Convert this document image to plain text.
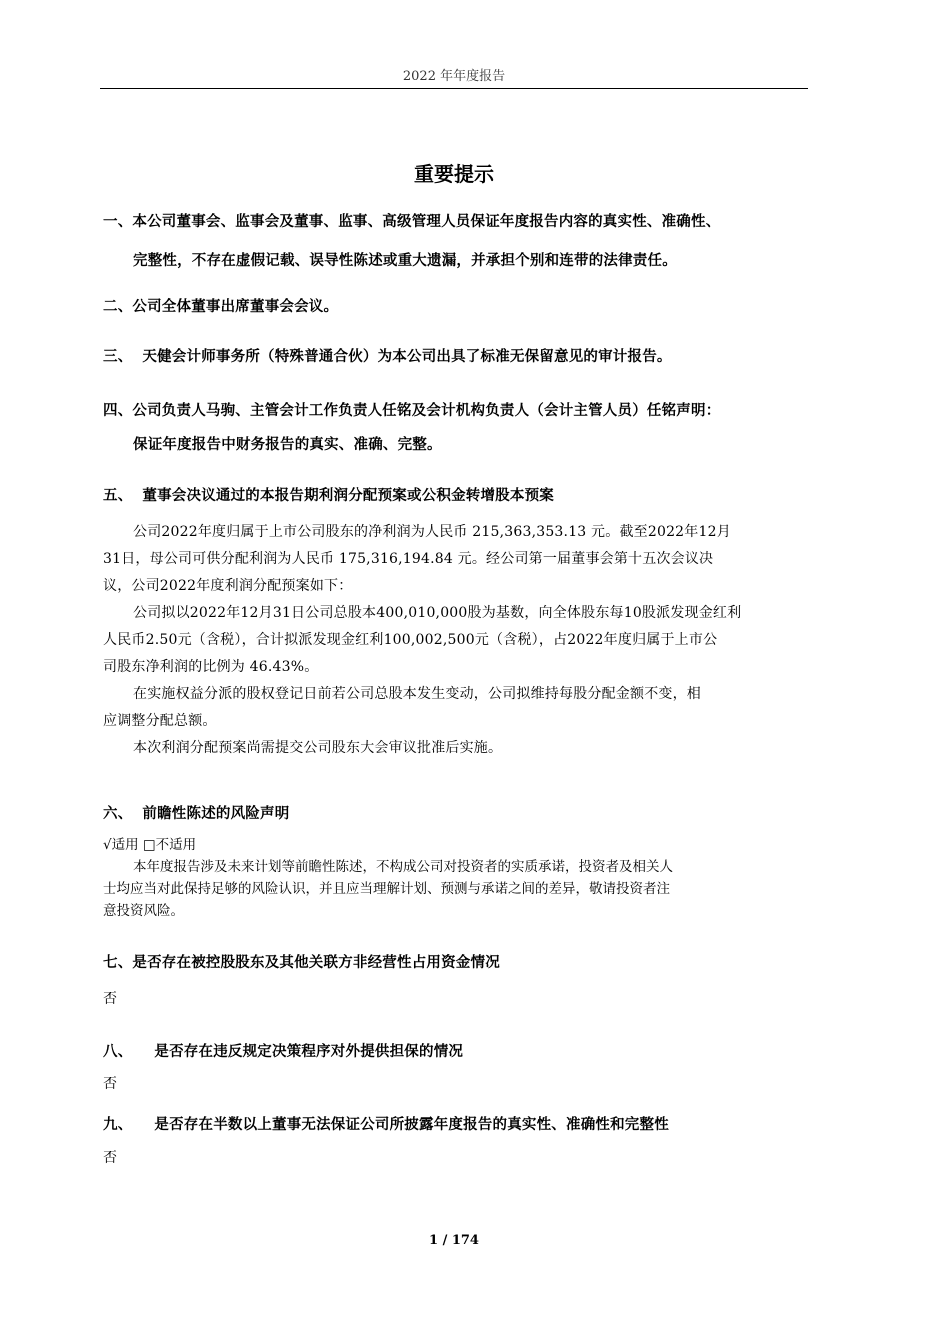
2022 年年度报告
重要提示
一、本公司董事会、监事会及董事、监事、高级管理人员保证年度报告内容的真实性、准确性、
完整性，不存在虚假记载、误导性陈述或重大遗漏，并承担个别和连带的法律责任。
二、公司全体董事出席董事会会议。
三、 天健会计师事务所（特殊普通合伙）为本公司出具了标准无保留意见的审计报告。
四、公司负责人马驹、主管会计工作负责人任铭及会计机构负责人（会计主管人员）任铭声明：
保证年度报告中财务报告的真实、准确、完整。
五、 董事会决议通过的本报告期利润分配预案或公积金转增股本预案
公司2022年度归属于上市公司股东的净利润为人民币 215,363,353.13 元。截至2022年12月
31日，母公司可供分配利润为人民币 175,316,194.84 元。经公司第一届董事会第十五次会议决
议，公司2022年度利润分配预案如下：
公司拟以2022年12月31日公司总股本400,010,000股为基数，向全体股东每10股派发现金红利
人民币2.50元（含税），合计拟派发现金红利100,002,500元（含税），占2022年度归属于上市公
司股东净利润的比例为 46.43%。
在实施权益分派的股权登记日前若公司总股本发生变动，公司拟维持每股分配金额不变，相
应调整分配总额。
本次利润分配预案尚需提交公司股东大会审议批准后实施。
六、 前瞻性陈述的风险声明
√适用 □不适用
本年度报告涉及未来计划等前瞻性陈述，不构成公司对投资者的实质承诺，投资者及相关人
士均应当对此保持足够的风险认识，并且应当理解计划、预测与承诺之间的差异，敬请投资者注
意投资风险。
七、是否存在被控股股东及其他关联方非经营性占用资金情况
否
八、 是否存在违反规定决策程序对外提供担保的情况
否
九、 是否存在半数以上董事无法保证公司所披露年度报告的真实性、准确性和完整性
否
1 / 174
